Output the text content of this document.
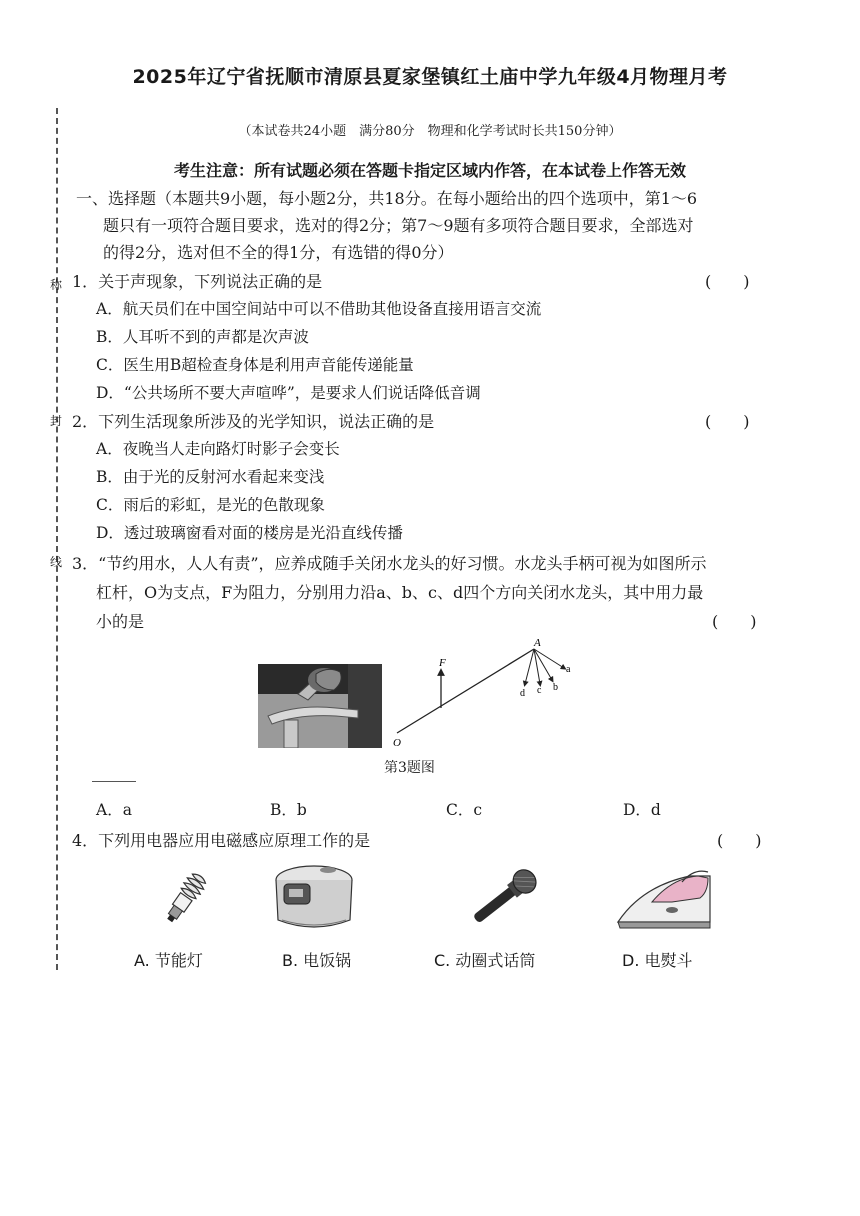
2025年辽宁省抚顺市清原县夏家堡镇红土庙中学九年级4月物理月考
（本试卷共24小题　满分80分　物理和化学考试时长共150分钟）
考生注意：所有试题必须在答题卡指定区域内作答，在本试卷上作答无效
称
封
线
一、选择题（本题共9小题，每小题2分，共18分。在每小题给出的四个选项中，第1～6
题只有一项符合题目要求，选对的得2分；第7～9题有多项符合题目要求，全部选对
的得2分，选对但不全的得1分，有选错的得0分）
1．关于声现象，下列说法正确的是	(　　)
A．航天员们在中国空间站中可以不借助其他设备直接用语言交流
B．人耳听不到的声都是次声波
C．医生用B超检查身体是利用声音能传递能量
D．“公共场所不要大声喧哗”，是要求人们说话降低音调
2．下列生活现象所涉及的光学知识，说法正确的是	(　　)
A．夜晚当人走向路灯时影子会变长
B．由于光的反射河水看起来变浅
C．雨后的彩虹，是光的色散现象
D．透过玻璃窗看对面的楼房是光沿直线传播
3．“节约用水，人人有责”，应养成随手关闭水龙头的好习惯。水龙头手柄可视为如图所示
杠杆，O为支点，F为阻力，分别用力沿a、b、c、d四个方向关闭水龙头，其中用力最
小的是	(　　)
A
F
O
a
b
c
d
第3题图
A．a	B．b	C．c	D．d
4．下列用电器应用电磁感应原理工作的是	(　　)
A. 节能灯	B. 电饭锅	C. 动圈式话筒	D. 电熨斗
